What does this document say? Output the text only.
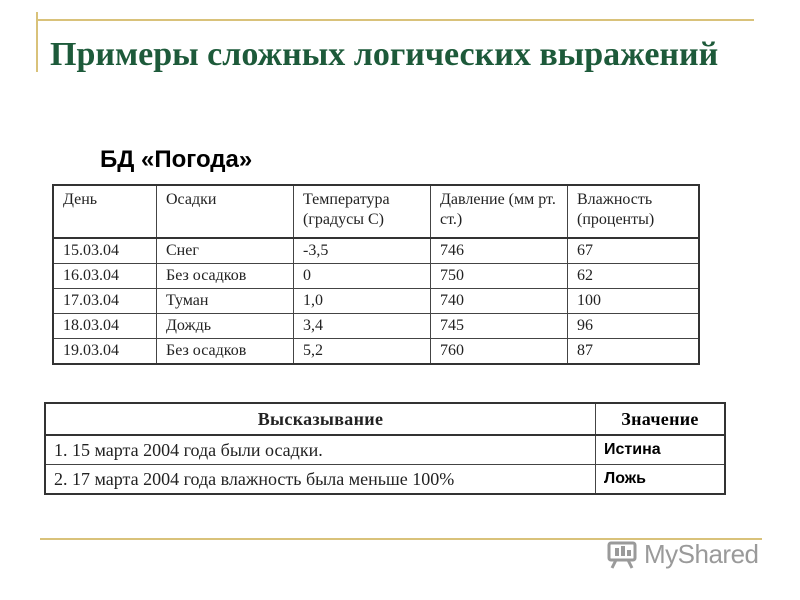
Примеры сложных логических выражений
БД «Погода»
День	Осадки	Температура (градусы С)	Давление (мм рт. ст.)	Влажность (проценты)
15.03.04	Снег	-3,5	746	67
16.03.04	Без осадков	0	750	62
17.03.04	Туман	1,0	740	100
18.03.04	Дождь	3,4	745	96
19.03.04	Без осадков	5,2	760	87
Высказывание	Значение
1. 15 марта 2004 года были осадки.	Истина
2. 17 марта 2004 года влажность была меньше 100%	Ложь
MyShared
